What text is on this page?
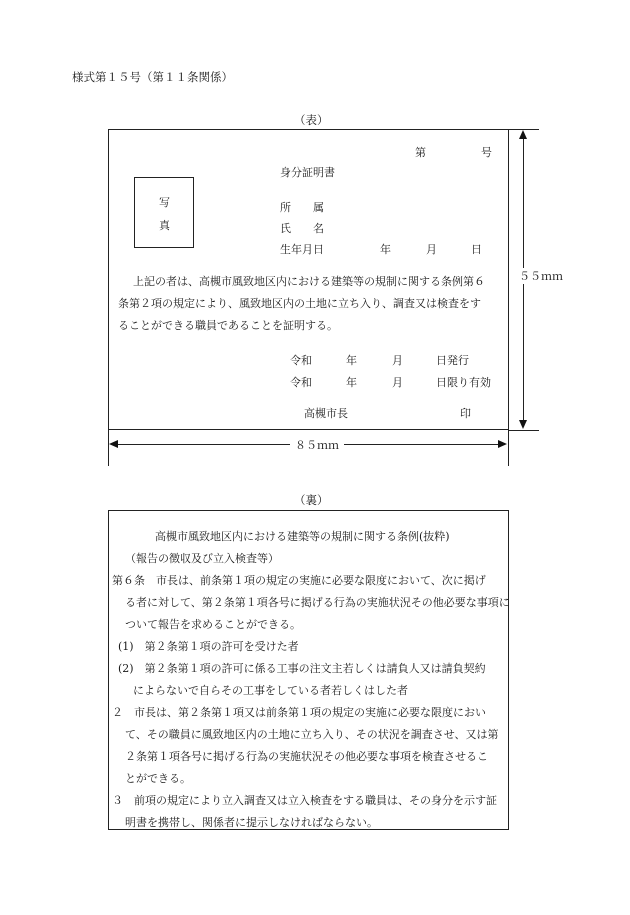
様式第１５号（第１１条関係）
（表）
第	号
身分証明書
写
真
所　　属
氏　　名
生年月日	年	月	日
上記の者は、高槻市風致地区内における建築等の規制に関する条例第６
条第２項の規定により、風致地区内の土地に立ち入り、調査又は検査をす
ることができる職員であることを証明する。
令和	年	月	日発行
令和	年	月	日限り有効
高槻市長	印
５５ｍｍ
８５ｍｍ
（裏）
高槻市風致地区内における建築等の規制に関する条例(抜粋)
（報告の徴収及び立入検査等）
第６条　市長は、前条第１項の規定の実施に必要な限度において、次に掲げ
る者に対して、第２条第１項各号に掲げる行為の実施状況その他必要な事項に
ついて報告を求めることができる。
(1)　第２条第１項の許可を受けた者
(2)　第２条第１項の許可に係る工事の注文主若しくは請負人又は請負契約
によらないで自らその工事をしている者若しくはした者
２　市長は、第２条第１項又は前条第１項の規定の実施に必要な限度におい
て、その職員に風致地区内の土地に立ち入り、その状況を調査させ、又は第
２条第１項各号に掲げる行為の実施状況その他必要な事項を検査させるこ
とができる。
３　前項の規定により立入調査又は立入検査をする職員は、その身分を示す証
明書を携帯し、関係者に提示しなければならない。
